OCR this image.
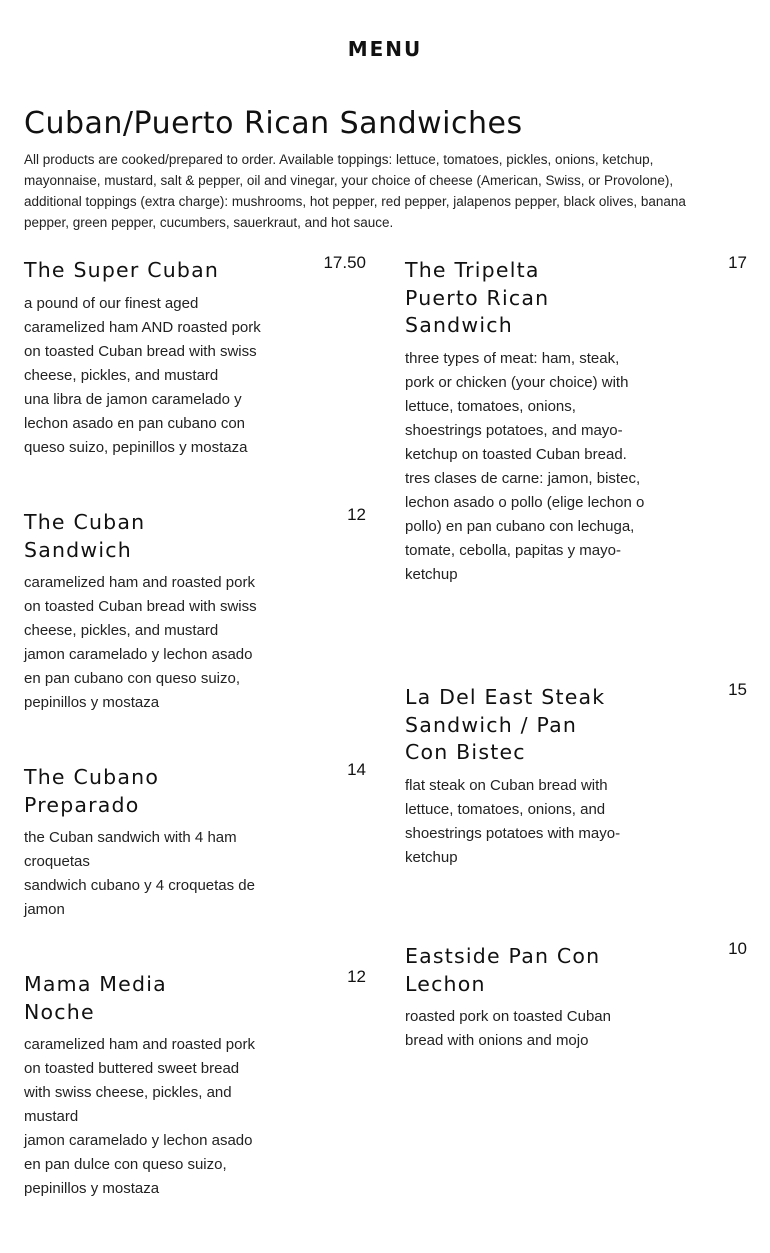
MENU
Cuban/Puerto Rican Sandwiches
All products are cooked/prepared to order. Available toppings: lettuce, tomatoes, pickles, onions, ketchup, mayonnaise, mustard, salt & pepper, oil and vinegar, your choice of cheese (American, Swiss, or Provolone), additional toppings (extra charge): mushrooms, hot pepper, red pepper, jalapenos pepper, black olives, banana pepper, green pepper, cucumbers, sauerkraut, and hot sauce.
The Super Cuban	17.50
a pound of our finest aged caramelized ham AND roasted pork on toasted Cuban bread with swiss cheese, pickles, and mustard
una libra de jamon caramelado y lechon asado en pan cubano con queso suizo, pepinillos y mostaza
The Cuban Sandwich
12
caramelized ham and roasted pork on toasted Cuban bread with swiss cheese, pickles, and mustard
jamon caramelado y lechon asado en pan cubano con queso suizo, pepinillos y mostaza
The Cubano Preparado
14
the Cuban sandwich with 4 ham croquetas
sandwich cubano y 4 croquetas de jamon
Mama Media Noche
12
caramelized ham and roasted pork on toasted buttered sweet bread with swiss cheese, pickles, and mustard
jamon caramelado y lechon asado en pan dulce con queso suizo, pepinillos y mostaza
The Tripelta Puerto Rican Sandwich
17
three types of meat: ham, steak, pork or chicken (your choice) with lettuce, tomatoes, onions, shoestrings potatoes, and mayo-ketchup on toasted Cuban bread.
tres clases de carne: jamon, bistec, lechon asado o pollo (elige lechon o pollo) en pan cubano con lechuga, tomate, cebolla, papitas y mayo-ketchup
La Del East Steak Sandwich / Pan Con Bistec
15
flat steak on Cuban bread with lettuce, tomatoes, onions, and shoestrings potatoes with mayo-ketchup
Eastside Pan Con Lechon
10
roasted pork on toasted Cuban bread with onions and mojo
